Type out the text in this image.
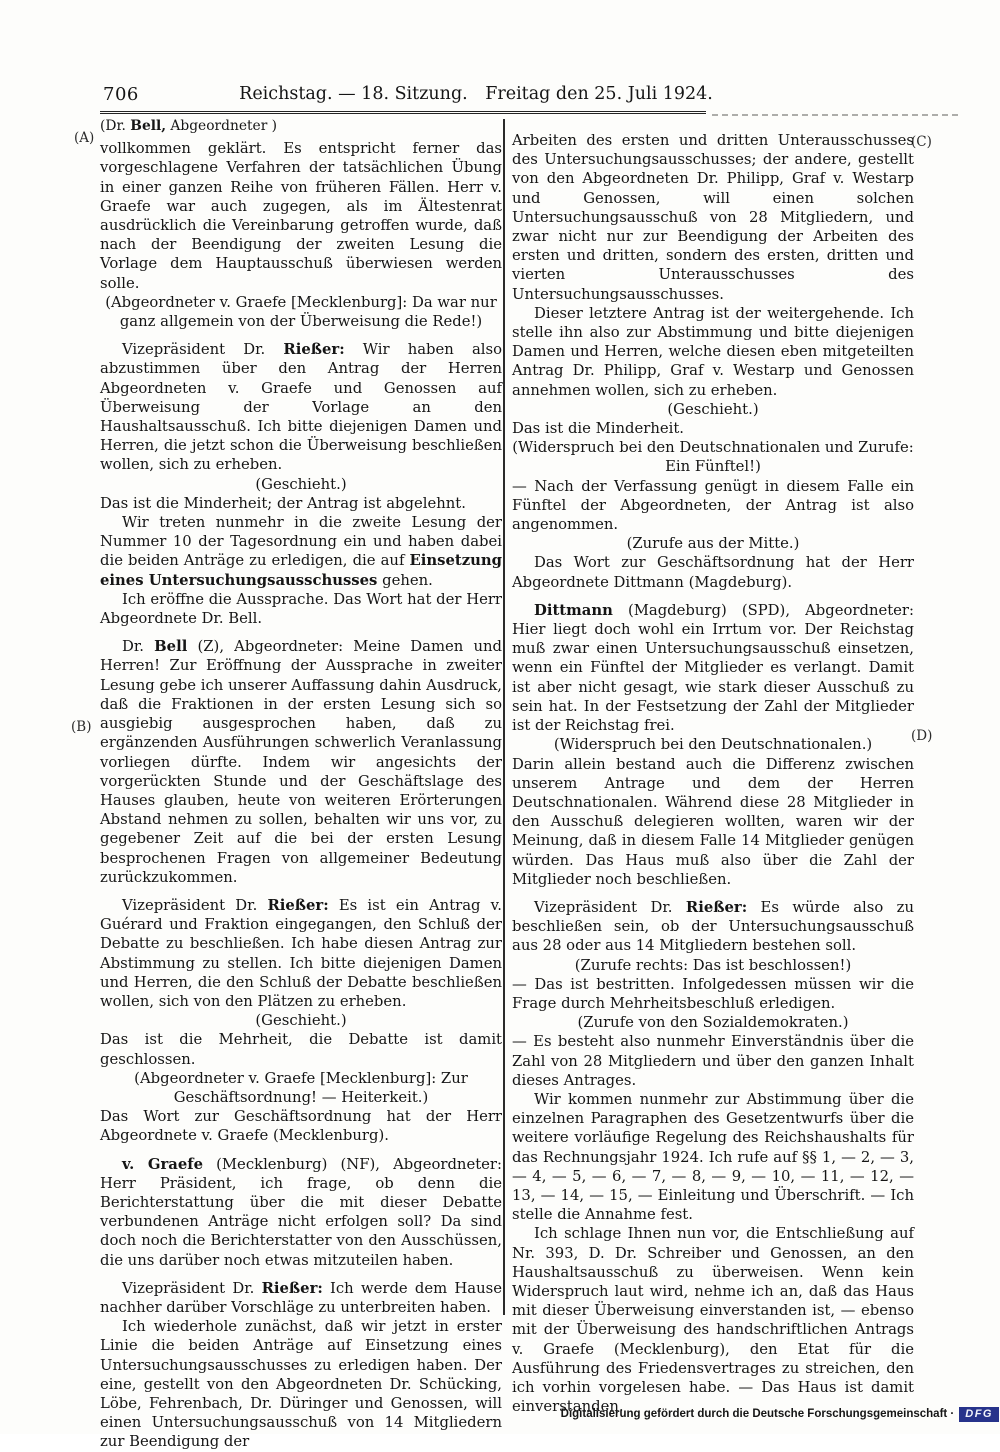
706	Reichstag. — 18. Sitzung. Freitag den 25. Juli 1924.
(A)
(B)
(C)
(D)

(Dr. Bell, Abgeordneter )

vollkommen geklärt. Es entspricht ferner das vorgeschlagene Verfahren der tatsächlichen Übung in einer ganzen Reihe von früheren Fällen. Herr v. Graefe war auch zugegen, als im Ältestenrat ausdrücklich die Vereinbarung getroffen wurde, daß nach der Beendigung der zweiten Lesung die Vorlage dem Hauptausschuß überwiesen werden solle.

(Abgeordneter v. Graefe [Mecklenburg]: Da war nur ganz allgemein von der Überweisung die Rede!)

Vizepräsident Dr. Rießer: Wir haben also abzustimmen über den Antrag der Herren Abgeordneten v. Graefe und Genossen auf Überweisung der Vorlage an den Haushaltsausschuß. Ich bitte diejenigen Damen und Herren, die jetzt schon die Überweisung beschließen wollen, sich zu erheben.

(Geschieht.)

Das ist die Minderheit; der Antrag ist abgelehnt.

Wir treten nunmehr in die zweite Lesung der Nummer 10 der Tagesordnung ein und haben dabei die beiden Anträge zu erledigen, die auf Einsetzung eines Untersuchungsausschusses gehen.

Ich eröffne die Aussprache. Das Wort hat der Herr Abgeordnete Dr. Bell.

Dr. Bell (Z), Abgeordneter: Meine Damen und Herren! Zur Eröffnung der Aussprache in zweiter Lesung gebe ich unserer Auffassung dahin Ausdruck, daß die Fraktionen in der ersten Lesung sich so ausgiebig ausgesprochen haben, daß zu ergänzenden Ausführungen schwerlich Veranlassung vorliegen dürfte. Indem wir angesichts der vorgerückten Stunde und der Geschäftslage des Hauses glauben, heute von weiteren Erörterungen Abstand nehmen zu sollen, behalten wir uns vor, zu gegebener Zeit auf die bei der ersten Lesung besprochenen Fragen von allgemeiner Bedeutung zurückzukommen.

Vizepräsident Dr. Rießer: Es ist ein Antrag v. Guérard und Fraktion eingegangen, den Schluß der Debatte zu beschließen. Ich habe diesen Antrag zur Abstimmung zu stellen. Ich bitte diejenigen Damen und Herren, die den Schluß der Debatte beschließen wollen, sich von den Plätzen zu erheben.

(Geschieht.)

Das ist die Mehrheit, die Debatte ist damit geschlossen.

(Abgeordneter v. Graefe [Mecklenburg]: Zur Geschäftsordnung! — Heiterkeit.)

Das Wort zur Geschäftsordnung hat der Herr Abgeordnete v. Graefe (Mecklenburg).

v. Graefe (Mecklenburg) (NF), Abgeordneter: Herr Präsident, ich frage, ob denn die Berichterstattung über die mit dieser Debatte verbundenen Anträge nicht erfolgen soll? Da sind doch noch die Berichterstatter von den Ausschüssen, die uns darüber noch etwas mitzuteilen haben.

Vizepräsident Dr. Rießer: Ich werde dem Hause nachher darüber Vorschläge zu unterbreiten haben.

Ich wiederhole zunächst, daß wir jetzt in erster Linie die beiden Anträge auf Einsetzung eines Untersuchungsausschusses zu erledigen haben. Der eine, gestellt von den Abgeordneten Dr. Schücking, Löbe, Fehrenbach, Dr. Düringer und Genossen, will einen Untersuchungsausschuß von 14 Mitgliedern zur Beendigung der

Arbeiten des ersten und dritten Unterausschusses des Untersuchungsausschusses; der andere, gestellt von den Abgeordneten Dr. Philipp, Graf v. Westarp und Genossen, will einen solchen Untersuchungsausschuß von 28 Mitgliedern, und zwar nicht nur zur Beendigung der Arbeiten des ersten und dritten, sondern des ersten, dritten und vierten Unterausschusses des Untersuchungsausschusses.

Dieser letztere Antrag ist der weitergehende. Ich stelle ihn also zur Abstimmung und bitte diejenigen Damen und Herren, welche diesen eben mitgeteilten Antrag Dr. Philipp, Graf v. Westarp und Genossen annehmen wollen, sich zu erheben.

(Geschieht.)

Das ist die Minderheit.

(Widerspruch bei den Deutschnationalen und Zurufe: Ein Fünftel!)

— Nach der Verfassung genügt in diesem Falle ein Fünftel der Abgeordneten, der Antrag ist also angenommen.

(Zurufe aus der Mitte.)

Das Wort zur Geschäftsordnung hat der Herr Abgeordnete Dittmann (Magdeburg).

Dittmann (Magdeburg) (SPD), Abgeordneter: Hier liegt doch wohl ein Irrtum vor. Der Reichstag muß zwar einen Untersuchungsausschuß einsetzen, wenn ein Fünftel der Mitglieder es verlangt. Damit ist aber nicht gesagt, wie stark dieser Ausschuß zu sein hat. In der Festsetzung der Zahl der Mitglieder ist der Reichstag frei.

(Widerspruch bei den Deutschnationalen.)

Darin allein bestand auch die Differenz zwischen unserem Antrage und dem der Herren Deutschnationalen. Während diese 28 Mitglieder in den Ausschuß delegieren wollten, waren wir der Meinung, daß in diesem Falle 14 Mitglieder genügen würden. Das Haus muß also über die Zahl der Mitglieder noch beschließen.

Vizepräsident Dr. Rießer: Es würde also zu beschließen sein, ob der Untersuchungsausschuß aus 28 oder aus 14 Mitgliedern bestehen soll.

(Zurufe rechts: Das ist beschlossen!)

— Das ist bestritten. Infolgedessen müssen wir die Frage durch Mehrheitsbeschluß erledigen.

(Zurufe von den Sozialdemokraten.)

— Es besteht also nunmehr Einverständnis über die Zahl von 28 Mitgliedern und über den ganzen Inhalt dieses Antrages.

Wir kommen nunmehr zur Abstimmung über die einzelnen Paragraphen des Gesetzentwurfs über die weitere vorläufige Regelung des Reichshaushalts für das Rechnungsjahr 1924. Ich rufe auf §§ 1, — 2, — 3, — 4, — 5, — 6, — 7, — 8, — 9, — 10, — 11, — 12, — 13, — 14, — 15, — Einleitung und Überschrift. — Ich stelle die Annahme fest.

Ich schlage Ihnen nun vor, die Entschließung auf Nr. 393, D. Dr. Schreiber und Genossen, an den Haushaltsausschuß zu überweisen. Wenn kein Widerspruch laut wird, nehme ich an, daß das Haus mit dieser Überweisung einverstanden ist, — ebenso mit der Überweisung des handschriftlichen Antrags v. Graefe (Mecklenburg), den Etat für die Ausführung des Friedensvertrages zu streichen, den ich vorhin vorgelesen habe. — Das Haus ist damit einverstanden.

Digitalisierung gefördert durch die Deutsche Forschungsgemeinschaft ·	DFG
